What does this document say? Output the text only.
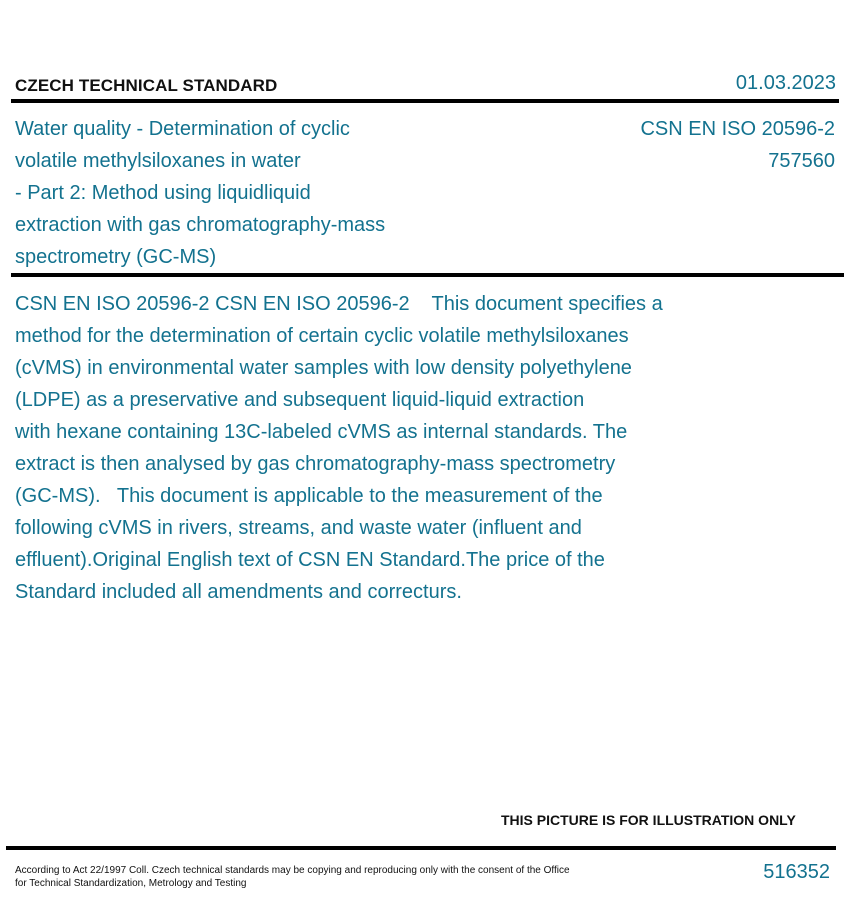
CZECH TECHNICAL STANDARD	01.03.2023
Water quality - Determination of cyclic
volatile methylsiloxanes in water
- Part 2: Method using liquidliquid
extraction with gas chromatography-mass
spectrometry (GC-MS)
CSN EN ISO 20596-2
757560
CSN EN ISO 20596-2 CSN EN ISO 20596-2    This document specifies a
method for the determination of certain cyclic volatile methylsiloxanes
(cVMS) in environmental water samples with low density polyethylene
(LDPE) as a preservative and subsequent liquid-liquid extraction
with hexane containing 13C-labeled cVMS as internal standards. The
extract is then analysed by gas chromatography-mass spectrometry
(GC-MS).   This document is applicable to the measurement of the
following cVMS in rivers, streams, and waste water (influent and
effluent).Original English text of CSN EN Standard.The price of the
Standard included all amendments and correcturs.
THIS PICTURE IS FOR ILLUSTRATION ONLY
According to Act 22/1997 Coll. Czech technical standards may be copying and reproducing only with the consent of the Office
for Technical Standardization, Metrology and Testing
516352
